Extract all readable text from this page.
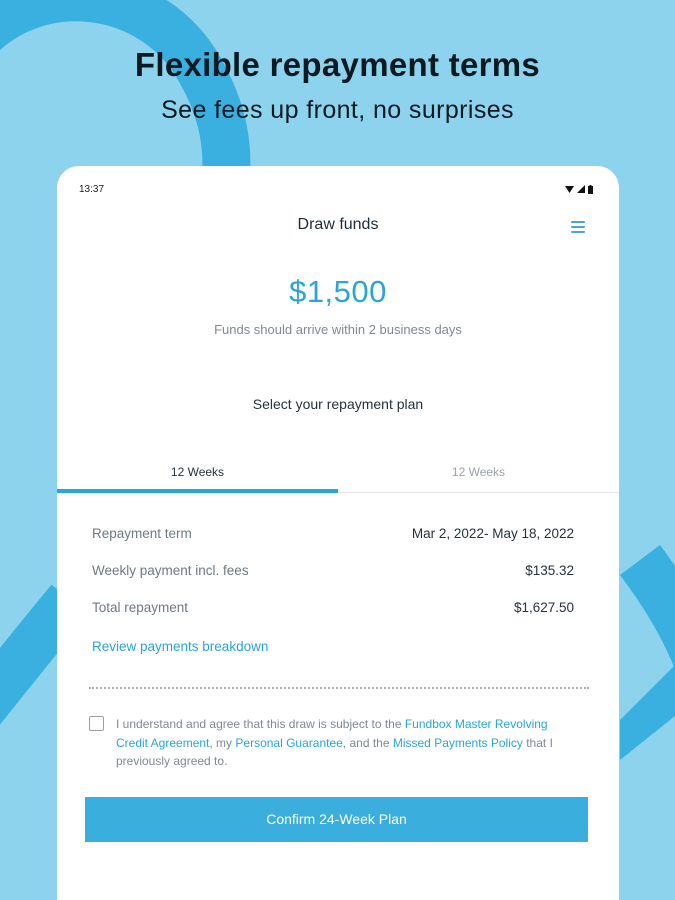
Flexible repayment terms
See fees up front, no surprises
13:37
Draw funds
$1,500
Funds should arrive within 2 business days
Select your repayment plan
12 Weeks	12 Weeks
Repayment term	Mar 2, 2022- May 18, 2022
Weekly payment incl. fees	$135.32
Total repayment	$1,627.50
Review payments breakdown
I understand and agree that this draw is subject to the Fundbox Master Revolving Credit Agreement, my Personal Guarantee, and the Missed Payments Policy that I previously agreed to.
Confirm 24-Week Plan
